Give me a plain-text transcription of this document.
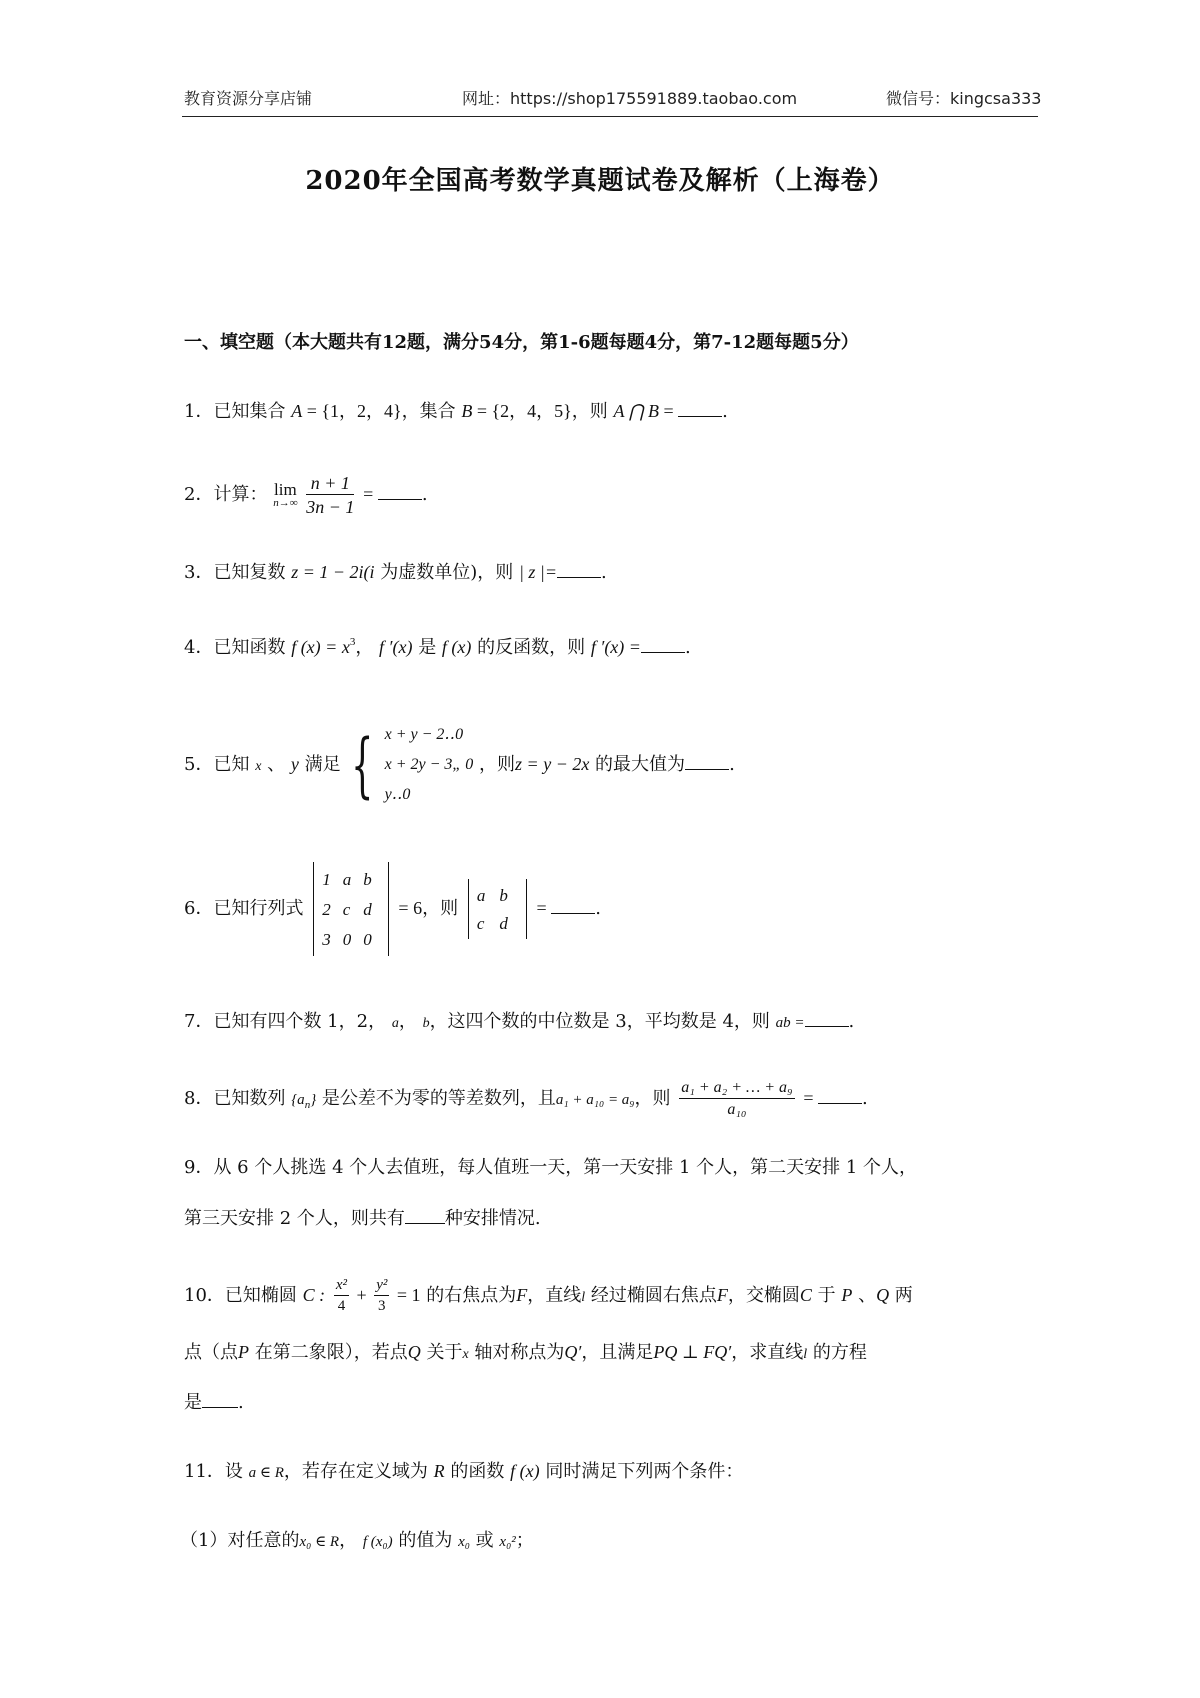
教育资源分享店铺	网址：https://shop175591889.taobao.com	微信号：kingcsa333
2020年全国高考数学真题试卷及解析（上海卷）
一、填空题（本大题共有12题，满分54分，第1-6题每题4分，第7-12题每题5分）
1．已知集合 A = {1，2，4}，集合 B = {2，4，5}，则 A ⋂ B = .
2．计算： lim
n→∞
$\frac{n + 1}{3n - 1}$ = .
3．已知复数 z = 1 − 2i(i 为虚数单位)，则 | z |= .
4．已知函数 f $(x) = x^3$， f ′(x) 是 f (x) 的反函数，则 f ′(x) = .
5．已知 x 、 y 满足 { x + y − 2‥0
x + 2y − 3„ 0
y‥0
，则z = y − 2x 的最大值为 .
6．已知行列式
1	a	b
2	c	d
3	0	0
= 6，则
a	b
c	d
= .
7．已知有四个数 1，2， a， b，这四个数的中位数是 3，平均数是 4，则 ab = .
8．已知数列 $\{a_n\}$ 是公差不为零的等差数列，且a₁ + a₁₀ = a₉，则 $\frac{\text{a₁ + a₂ + … + a₉}}{\text{a₁₀}}$ = .
9．从 6 个人挑选 4 个人去值班，每人值班一天，第一天安排 1 个人，第二天安排 1 个人，
第三天安排 2 个人，则共有 种安排情况.
10．已知椭圆 C : $\frac{\text{x²}}{4} + \frac{\text{y²}}{3} = 1$ 的右焦点为F，直线l 经过椭圆右焦点F，交椭圆C 于 P 、Q 两
点（点P 在第二象限），若点Q 关于x 轴对称点为Q′，且满足PQ ⊥ FQ′，求直线l 的方程
是 .
11．设 a ∈ R，若存在定义域为 R 的函数 f (x) 同时满足下列两个条件：
（1）对任意的x₀ ∈ R， f (x₀) 的值为 x₀ 或 x₀²；
